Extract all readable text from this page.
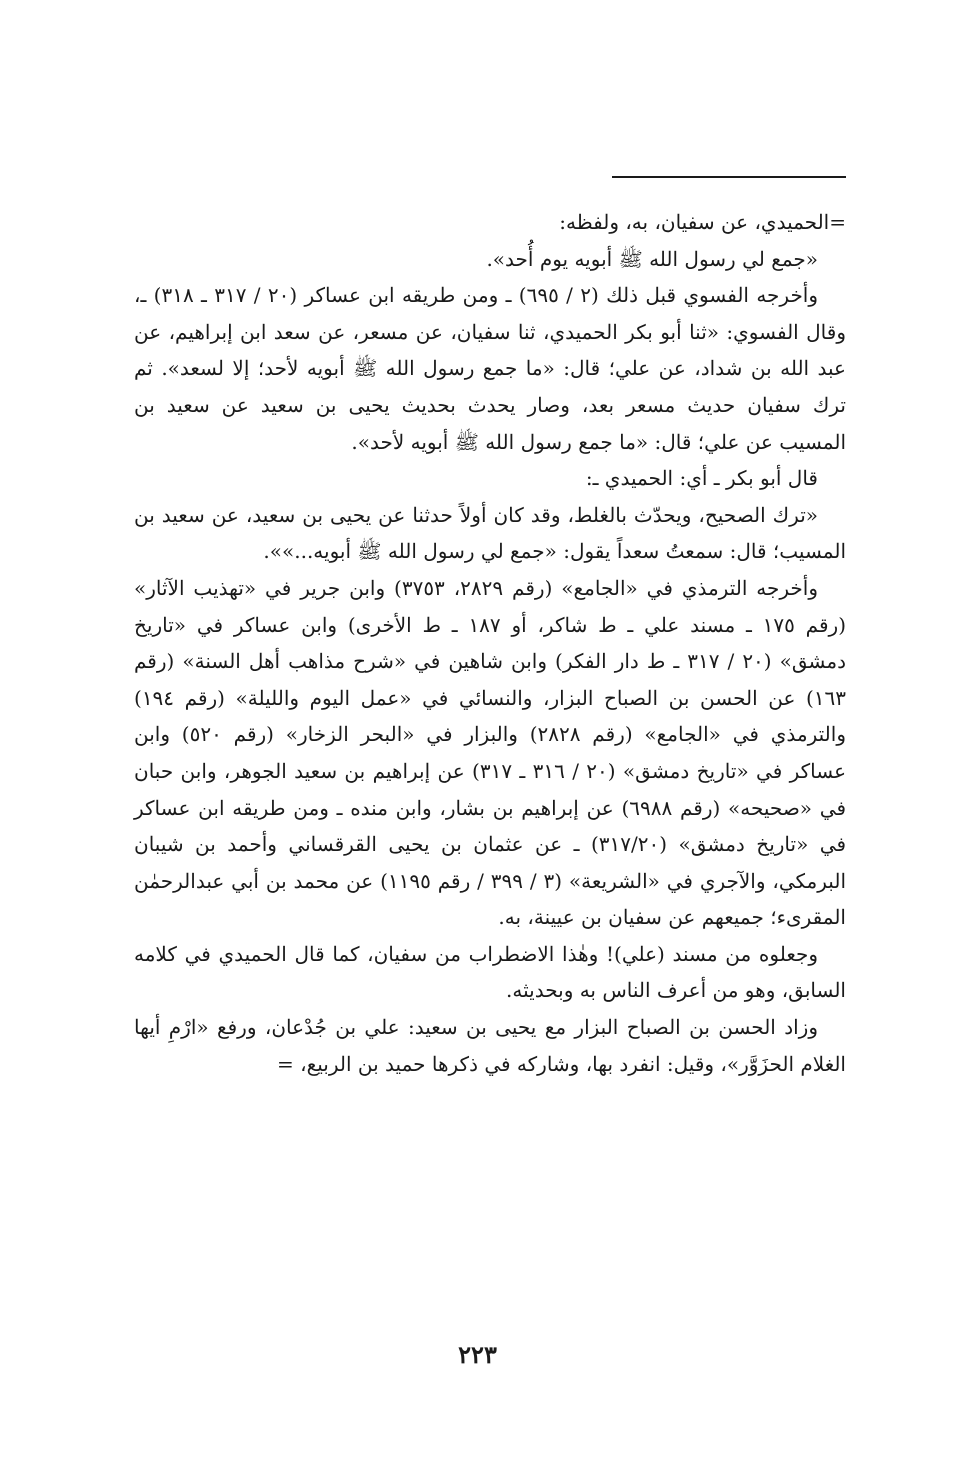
=الحميدي، عن سفيان، به، ولفظه:

«جمع لي رسول الله ﷺ أبويه يوم أُحد».

وأخرجه الفسوي قبل ذلك (٢ / ٦٩٥) ـ ومن طريقه ابن عساكر (٢٠ / ٣١٧ ـ ٣١٨) ـ، وقال الفسوي: «ثنا أبو بكر الحميدي، ثنا سفيان، عن مسعر، عن سعد ابن إبراهيم، عن عبد الله بن شداد، عن علي؛ قال: «ما جمع رسول الله ﷺ أبويه لأحد؛ إلا لسعد». ثم ترك سفيان حديث مسعر بعد، وصار يحدث بحديث يحيى بن سعيد عن سعيد بن المسيب عن علي؛ قال: «ما جمع رسول الله ﷺ أبويه لأحد».

قال أبو بكر ـ أي: الحميدي ـ:

«ترك الصحيح، ويحدّث بالغلط، وقد كان أولاً حدثنا عن يحيى بن سعيد، عن سعيد بن المسيب؛ قال: سمعتُ سعداً يقول: «جمع لي رسول الله ﷺ أبويه...»».

وأخرجه الترمذي في «الجامع» (رقم ٢٨٢٩، ٣٧٥٣) وابن جرير في «تهذيب الآثار» (رقم ١٧٥ ـ مسند علي ـ ط شاكر، أو ١٨٧ ـ ط الأخرى) وابن عساكر في «تاريخ دمشق» (٢٠ / ٣١٧ ـ ط دار الفكر) وابن شاهين في «شرح مذاهب أهل السنة» (رقم ١٦٣) عن الحسن بن الصباح البزار، والنسائي في «عمل اليوم والليلة» (رقم ١٩٤) والترمذي في «الجامع» (رقم ٢٨٢٨) والبزار في «البحر الزخار» (رقم ٥٢٠) وابن عساكر في «تاريخ دمشق» (٢٠ / ٣١٦ ـ ٣١٧) عن إبراهيم بن سعيد الجوهر، وابن حبان في «صحيحه» (رقم ٦٩٨٨) عن إبراهيم بن بشار، وابن منده ـ ومن طريقه ابن عساكر في «تاريخ دمشق» (٣١٧/٢٠) ـ عن عثمان بن يحيى القرقساني وأحمد بن شيبان البرمكي، والآجري في «الشريعة» (٣ / ٣٩٩ / رقم ١١٩٥) عن محمد بن أبي عبدالرحمٰن المقرىء؛ جميعهم عن سفيان بن عيينة، به.

وجعلوه من مسند (علي)! وهٰذا الاضطراب من سفيان، كما قال الحميدي في كلامه السابق، وهو من أعرف الناس به وبحديثه.

وزاد الحسن بن الصباح البزار مع يحيى بن سعيد: علي بن جُدْعان، ورفع «ارْمِ أيها الغلام الحزَوَّر»، وقيل: انفرد بها، وشاركه في ذكرها حميد بن الربيع، =

٢٢٣
